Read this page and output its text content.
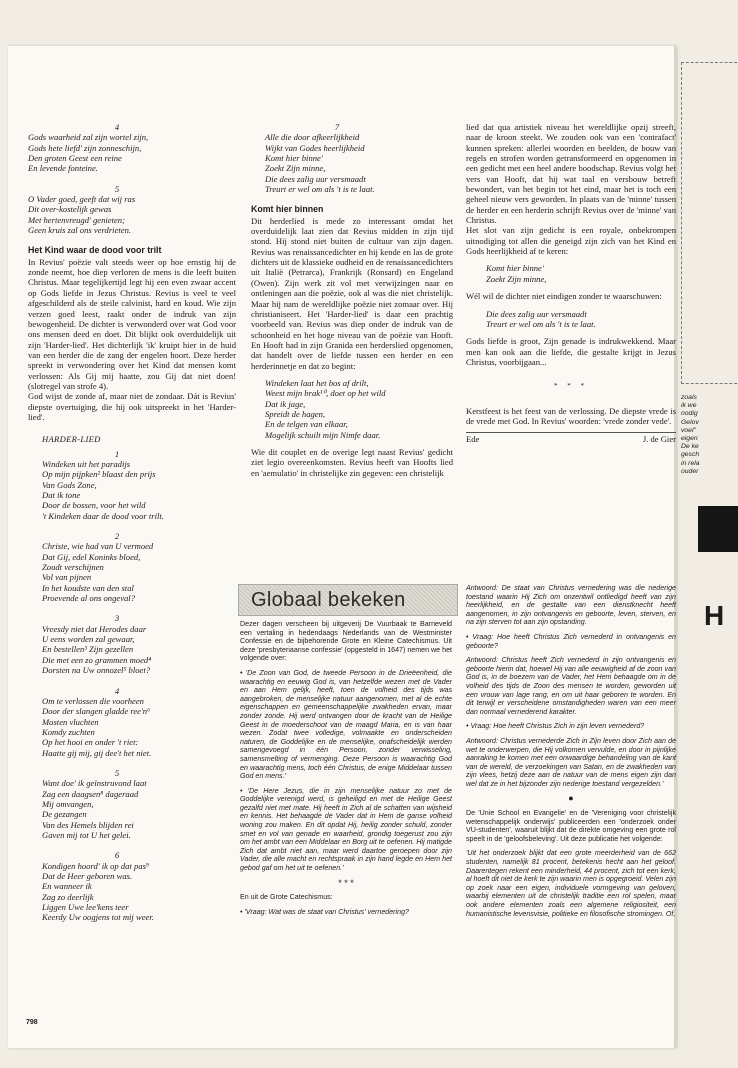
4
Gods waarheid zal zijn wortel zijn,
Gods hete liefd' zijn zonneschijn,
Den groten Geest een reine
En levende fonteine.
5
O Vader goed, geeft dat wij ras
Dit over-kostelijk gewas
Met hertenvreugd' genieten;
Geen kruis zal ons verdrieten.
Het Kind waar de dood voor trilt

In Revius' poëzie valt steeds weer op hoe ernstig hij de zonde neemt, hoe diep verloren de mens is die leeft buiten Christus. Maar tegelijkertijd legt hij een even zwaar accent op Gods liefde in Jezus Christus. Revius is veel te veel afgeschilderd als de steile calvinist, hard en koud. Wie zijn verzen goed leest, raakt onder de indruk van zijn bewogenheid. De dichter is verwonderd over wat God voor ons mensen deed en doet. Dit blijkt ook overduidelijk uit zijn 'Harder-lied'. Het dichterlijk 'ik' kruipt hier in de huid van een herder die de zang der engelen hoort. Deze herder spreekt in verwondering over het Kind dat mensen komt verlossen: Als Gij mij haatte, zou Gij dat niet doen! (slotregel van strofe 4).

God wijst de zonde af, maar niet de zondaar. Dát is Revius' diepste overtuiging, die hij ook uitspreekt in het 'Harder-lied'.

HARDER-LIED
1
Windeken uit het paradijs
Op mijn pijpken² blaast den prijs
Van Gods Zone,
Dat ik tone
Door de bossen, voor het wild
't Kindeken daar de dood voor trilt.
2
Christe, wie had van U vermoed
Dat Gij, edel Koninks bloed,
Zoudt verschijnen
Vol van pijnen
In het koudste van den stal
Proevende al ons ongeval?
3
Vreesdy niet dat Herodes daar
U eens worden zal gewaar,
En bestellen³ Zijn gezellen
Die met een zo grammen moed⁴
Dorsten na Uw onnozel⁵ bloet?
4
Om te verlossen die voorheen
Door der slangen gladde ree'n⁶
Mosten vluchten
Komdy zuchten
Op het hooi en onder 't riet:
Haatte gij mij, gij dee't het niet.
5
Want doe' ik geïnstruvond laat
Zag een daagsen⁸ dageraad
Mij omvangen,
De gezangen
Van des Hemels blijden rei
Gaven mij tot U het gelei.
6
Kondigen hoord' ik op dat pas⁹
Dat de Heer geboren was.
En wanneer ik
Zag zo deerlijk
Liggen Uwe lee'kens teer
Keerdy Uw oogjens tot mij weer.
7
Alle die door afkeerlijkheid
Wijkt van Godes heerlijkheid
Komt hier binne'
Zoekt Zijn minne,
Die dees zalig uur versmaadt
Treurt er wel om als 't is te laat.
Komt hier binnen

Dit herderlied is mede zo interessant omdat het overduidelijk laat zien dat Revius midden in zijn tijd stond. Hij stond niet buiten de cultuur van zijn dagen. Revius was renaissancedichter en hij kende en las de grote dichters uit de klassieke oudheid en de renaissancedichters uit Italië (Petrarca), Frankrijk (Ronsard) en Engeland (Owen). Zijn werk zit vol met verwijzingen naar en ontleningen aan die poëzie, ook al was die niet christelijk. Maar hij nam de wereldlijke poëzie niet zomaar over. Hij christianiseert. Het 'Harder-lied' is daar een prachtig voorbeeld van. Revius was diep onder de indruk van de schoonheid en het hoge niveau van de poëzie van Hooft. En Hooft had in zijn Granida een herderslied opgenomen, dat handelt over de liefde tussen een herder en een herderinnetje en dat zo begint:

Windeken laat het bos af drilt,
Weest mijn brak¹⁰, doet op het wild
Dat ik jage,
Spreidt de hagen,
En de telgen van elkaar,
Mogelijk schuilt mijn Nimfe daar.

Wie dit couplet en de overige legt naast Revius' gedicht ziet legio overeenkomsten. Revius heeft van Hoofts lied en 'aemulatio' in christelijke zin gegeven: een christelijk

lied dat qua artistiek niveau het wereldlijke opzij streeft, naar de kroon steekt. We zouden ook van een 'contrafact' kunnen spreken: allerlei woorden en beelden, de bouw van regels en strofen worden getransformeerd en opgenomen in een gedicht met een heel andere boodschap. Revius volgt het vers van Hooft, dat hij wat taal en versbouw betreft bewondert, van het begin tot het eind, maar het is toch een geheel nieuw vers geworden. In plaats van de 'minne' tussen de herder en een herderin schrijft Revius over de 'minne' van Christus.

Het slot van zijn gedicht is een royale, onbekrompen uitnodiging tot allen die geneigd zijn zich van het Kind en Gods heerlijkheid af te keren:

Komt hier binne'
Zoekt Zijn minne,

Wél wil de dichter niet eindigen zonder te waarschuwen:

Die dees zalig uur versmaadt
Treurt er wel om als 't is te laat.

Gods liefde is groot, Zijn genade is indrukwekkend. Maar men kan ook aan die liefde, die gestalte krijgt in Jezus Christus, voorbijgaan...

* * *

Kerstfeest is het feest van de verlossing. De diepste vrede is de vrede met God. In Revius' woorden: 'vrede zonder vede'.

Ede	J. de Gier
Globaal bekeken

Dezer dagen verscheen bij uitgeverij De Vuurbaak te Barneveld een vertaling in hedendaags Nederlands van de Westminster Confessie en de bijbehorende Grote en Kleine Catechismus. Uit deze 'presbyteriaanse confessie' (opgesteld in 1647) nemen we het volgende over:

• 'De Zoon van God, de tweede Persoon in de Drieëenheid, die waarachtig en eeuwig God is, van hetzelfde wezen met de Vader en aan Hem gelijk, heeft, toen de volheid des tijds was aangebroken, de menselijke natuur aangenomen, met al de echte eigenschappen en gemeenschappelijke zwakheden ervan, maar zonder zonde. Hij werd ontvangen door de kracht van de Heilige Geest in de moederschoot van de maagd Maria, en is van haar wezen. Zodat twee volledige, volmaakte en onderscheiden naturen, de Goddelijke en de menselijke, onafscheidelijk werden samengevoegd in één Persoon, zonder verwisseling, samensmelting of vermenging. Deze Persoon is waarachtig God en waarachtig mens, toch één Christus, de enige Middelaar tussen God en mens.'

• 'De Here Jezus, die in zijn menselijke natuur zo met de Goddelijke verenigd werd, is geheiligd en met de Heilige Geest gezalfd niet met mate. Hij heeft in Zich al de schatten van wijsheid en kennis. Het behaagde de Vader dat in Hem de ganse volheid woning zou maken. En dit opdat Hij, heilig zonder schuld, zonder smet en vol van genade en waarheid, grondig toegerust zou zijn om het ambt van een Middelaar en Borg uit te oefenen. Hij matigde Zich dat ambt niet aan, maar werd daartoe geroepen door zijn Vader, die alle macht en rechtspraak in zijn hand legde en Hem het gebod gaf om het uit te oefenen.'

* * *

En uit de Grote Catechismus:

• 'Vraag: Wat was de staat van Christus' vernedering?

Antwoord: De staat van Christus vernedering was die nederige toestand waarin Hij Zich om onzentwil ontliedigd heeft van zijn heerlijkheid, en de gestalte van een dienstknecht heeft aangenomen, in zijn ontvangenis en geboorte, leven, sterven, en na zijn sterven tot aan zijn opstanding.

• Vraag: Hoe heeft Christus Zich vernederd in ontvangenis en geboorte?

Antwoord: Christus heeft Zich vernederd in zijn ontvangenis en geboorte hierin dat, hoewel Hij van alle eeuwigheid af de zoon van God is, in de boezem van de Vader, het Hem behaagde om in de volheid des tijds de Zoon des mensen te worden, geworden uit een vrouw van lage rang, en om uit haar geboren te worden. En dit terwijl er verscheidene omstandigheden waren van een meer dan normaal vernederend karakter.

• Vraag: Hoe heeft Christus Zich in zijn leven vernederd?

Antwoord: Christus vernederde Zich in Zijn leven door Zich aan de wet te onderwerpen, die Hij volkomen vervulde, en door in pijnlijke aanraking te komen met een onwaardige behandeling van de kant van de wereld, de verzoekingen van Satan, en de zwakheden van zijn vlees, hetzij deze aan de natuur van de mens eigen zijn dan wel dat ze in het bijzonder zijn nederige toestand vergezelden.'

●

De 'Unie School en Evangelie' en de 'Vereniging voor christelijk wetenschappelijk onderwijs' publiceerden een 'onderzoek onder VU-studenten', waaruit blijkt dat de direkte omgeving een grote rol speelt in de 'geloofsbeleving'. Uit deze publicatie het volgende:

'Uit het onderzoek blijkt dat een grote meerderheid van de 662 studenten, namelijk 81 procent, betekenis hecht aan het geloof. Daarentegen rekent een minderheid, 44 procent, zich tot een kerk, al hoeft dit niet de kerk te zijn waarin men is opgegroeid. Velen zijn op zoek naar een eigen, individuele vormgeving van geloven, waarbij elementen uit de christelijk traditie een rol spelen, maar ook andere elementen zoals een algemene religiositeit, een humanistische levensvisie, politieke en filosofische stromingen. Of,

798
zoals
ik we
nodig
Gelov
voel"
eigen
De ke
gesch
in rela
ouder
H
